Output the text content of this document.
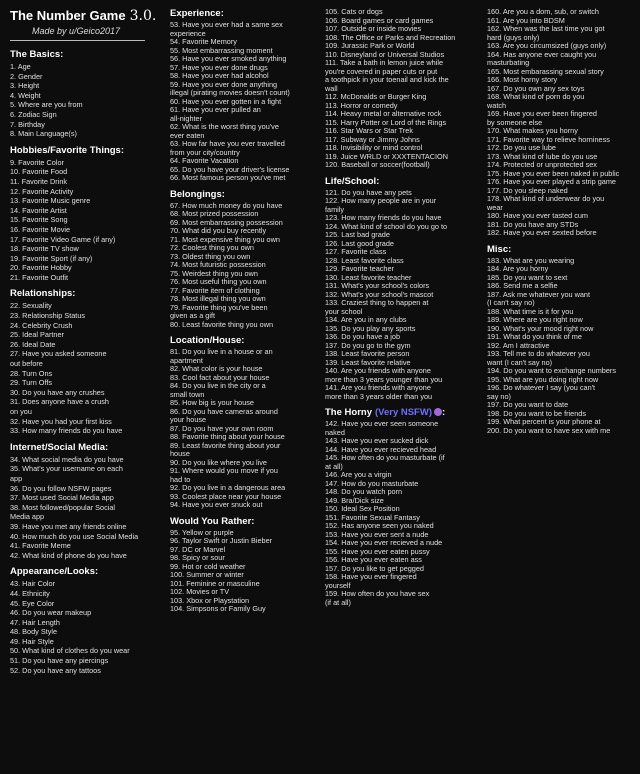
The Number Game 3.0.
Made by u/Geico2017
The Basics:
1. Age
2. Gender
3. Height
4. Weight
5. Where are you from
6. Zodiac Sign
7. Birthday
8. Main Language(s)
Hobbies/Favorite Things:
9. Favorite Color
10. Favorite Food
11. Favorite Drink
12. Favorite Activity
13. Favorite Music genre
14. Favorite Artist
15. Favorite Song
16. Favorite Movie
17. Favorite Video Game (if any)
18. Favorite TV show
19. Favorite Sport (if any)
20. Favorite Hobby
21. Favorite Outfit
Relationships:
22. Sexuality
23. Relationship Status
24. Celebrity Crush
25. Ideal Partner
26. Ideal Date
27. Have you asked someone
out before
28. Turn Ons
29. Turn Offs
30. Do you have any crushes
31. Does anyone have a crush
on you
32. Have you had your first kiss
33. How many friends do you have
Internet/Social Media:
34. What social media do you have
35. What's your username on each
app
36. Do you follow NSFW pages
37. Most used Social Media app
38. Most followed/popular Social
Media app
39. Have you met any friends online
40. How much do you use Social Media
41. Favorite Meme
42. What kind of phone do you have
Appearance/Looks:
43. Hair Color
44. Ethnicity
45. Eye Color
46. Do you wear makeup
47. Hair Length
48. Body Style
49. Hair Style
50. What kind of clothes do you wear
51. Do you have any piercings
52. Do you have any tattoos
Experience:
53. Have you ever had a same sex
experience
54. Favorite Memory
55. Most embarrassing moment
56. Have you ever smoked anything
57. Have you ever done drugs
58. Have you ever had alcohol
59. Have you ever done anything
illegal (pirating movies doesn't count)
60. Have you ever gotten in a fight
61. Have you ever pulled an
all-nighter
62. What is the worst thing you've
ever eaten
63. How far have you ever travelled
from your city/country
64. Favorite Vacation
65. Do you have your driver's license
66. Most famous person you've met
Belongings:
67. How much money do you have
68. Most prized possession
69. Most embarrassing possession
70. What did you buy recently
71. Most expensive thing you own
72. Coolest thing you own
73. Oldest thing you own
74. Most futuristic possession
75. Weirdest thing you own
76. Most useful thing you own
77. Favorite item of clothing
78. Most illegal thing you own
79. Favorite thing you've been
given as a gift
80. Least favorite thing you own
Location/House:
81. Do you live in a house or an
apartment
82. What color is your house
83. Cool fact about your house
84. Do you live in the city or a
small town
85. How big is your house
86. Do you have cameras around
your house
87. Do you have your own room
88. Favorite thing about your house
89. Least favorite thing about your
house
90. Do you like where you live
91. Where would you move if you
had to
92. Do you live in a dangerous area
93. Coolest place near your house
94. Have you ever snuck out
Would You Rather:
95. Yellow or purple
96. Taylor Swift or Justin Bieber
97. DC or Marvel
98. Spicy or sour
99. Hot or cold weather
100. Summer or winter
101. Feminine or masculine
102. Movies or TV
103. Xbox or Playstation
104. Simpsons or Family Guy
105. Cats or dogs
106. Board games or card games
107. Outside or inside movies
108. The Office or Parks and Recreation
109. Jurassic Park or World
110. Disneyland or Universal Studios
111. Take a bath in lemon juice while
you're covered in paper cuts or put
a toothpick in your toenail and kick the
wall
112. McDonalds or Burger King
113. Horror or comedy
114. Heavy metal or alternative rock
115. Harry Potter or Lord of the Rings
116. Star Wars or Star Trek
117. Subway or Jimmy Johns
118. Invisibility or mind control
119. Juice WRLD or XXXTENTACION
120. Baseball or soccer(football)
Life/School:
121. Do you have any pets
122. How many people are in your
family
123. How many friends do you have
124. What kind of school do you go to
125. Last bad grade
126. Last good grade
127. Favorite class
128. Least favorite class
129. Favorite teacher
130. Least favorite teacher
131. What's your school's colors
132. What's your school's mascot
133. Craziest thing to happen at
your school
134. Are you in any clubs
135. Do you play any sports
136. Do you have a job
137. Do you go to the gym
138. Least favorite person
139. Least favorite relative
140. Are you friends with anyone
more than 3 years younger than you
141. Are you friends with anyone
more than 3 years older than you
The Horny (Very NSFW) :
142. Have you ever seen someone
naked
143. Have you ever sucked dick
144. Have you ever recieved head
145. How often do you masturbate (if
at all)
146. Are you a virgin
147. How do you masturbate
148. Do you watch porn
149. Bra/Dick size
150. Ideal Sex Position
151. Favorite Sexual Fantasy
152. Has anyone seen you naked
153. Have you ever sent a nude
154. Have you ever recieved a nude
155. Have you ever eaten pussy
156. Have you ever eaten ass
157. Do you like to get pegged
158. Have you ever fingered
yourself
159. How often do you have sex
(if at all)
160. Are you a dom, sub, or switch
161. Are you into BDSM
162. When was the last time you got
hard (guys only)
163. Are you circumsized (guys only)
164. Has anyone ever caught you
masturbating
165. Most embarassing sexual story
166. Most horny story
167. Do you own any sex toys
168. What kind of porn do you
watch
169. Have you ever been fingered
by someone else
170. What makes you horny
171. Favorite way to relieve horniness
172. Do you use lube
173. What kind of lube do you use
174. Protected or unprotected sex
175. Have you ever been naked in public
176. Have you ever played a strip game
177. Do you sleep naked
178. What kind of underwear do you
wear
180. Have you ever tasted cum
181. Do you have any STDs
182. Have you ever sexted before
Misc:
183. What are you wearing
184. Are you horny
185. Do you want to sext
186. Send me a selfie
187. Ask me whatever you want
(I can't say no)
188. What time is it for you
189. Where are you right now
190. What's your mood right now
191. What do you think of me
192. Am I attractive
193. Tell me to do whatever you
want (I can't say no)
194. Do you want to exchange numbers
195. What are you doing right now
196. Do whatever I say (you can't
say no)
197. Do you want to date
198. Do you want to be friends
199. What percent is your phone at
200. Do you want to have sex with me
